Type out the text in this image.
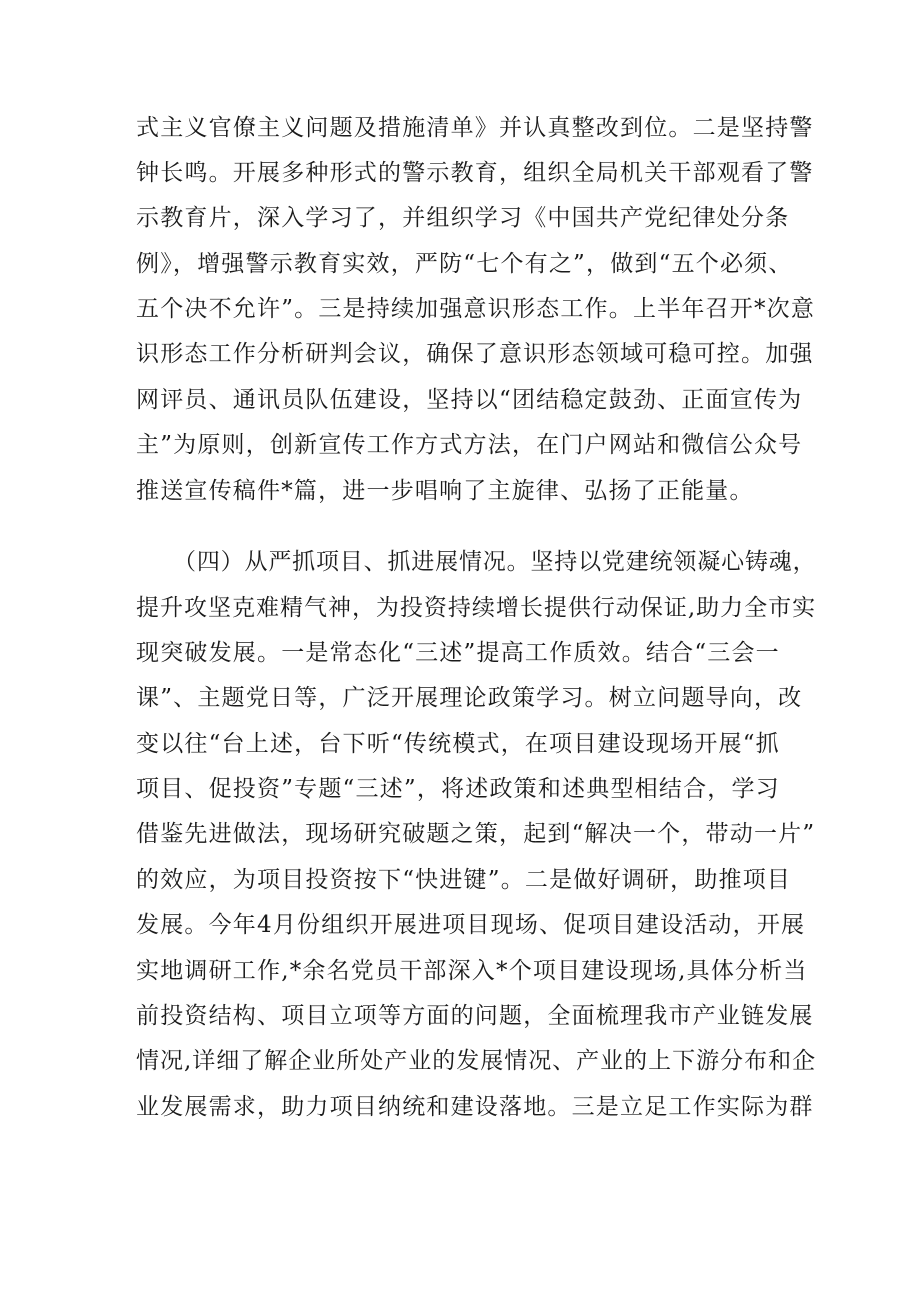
式主义官僚主义问题及措施清单》并认真整改到位。二是坚持警
钟长鸣。开展多种形式的警示教育，组织全局机关干部观看了警
示教育片，深入学习了，并组织学习《中国共产党纪律处分条
例》，增强警示教育实效，严防“七个有之”，做到“五个必须、
五个决不允许”。三是持续加强意识形态工作。上半年召开*次意
识形态工作分析研判会议，确保了意识形态领域可稳可控。加强
网评员、通讯员队伍建设，坚持以“团结稳定鼓劲、正面宣传为
主”为原则，创新宣传工作方式方法，在门户网站和微信公众号
推送宣传稿件*篇，进一步唱响了主旋律、弘扬了正能量。
（四）从严抓项目、抓进展情况。坚持以党建统领凝心铸魂，
提升攻坚克难精气神，为投资持续增长提供行动保证,助力全市实
现突破发展。一是常态化“三述”提高工作质效。结合“三会一
课”、主题党日等，广泛开展理论政策学习。树立问题导向，改
变以往“台上述，台下听“传统模式，在项目建设现场开展“抓
项目、促投资”专题“三述”，将述政策和述典型相结合，学习
借鉴先进做法，现场研究破题之策，起到“解决一个，带动一片”
的效应，为项目投资按下“快进键”。二是做好调研，助推项目
发展。今年4月份组织开展进项目现场、促项目建设活动，开展
实地调研工作,*余名党员干部深入*个项目建设现场,具体分析当
前投资结构、项目立项等方面的问题，全面梳理我市产业链发展
情况,详细了解企业所处产业的发展情况、产业的上下游分布和企
业发展需求，助力项目纳统和建设落地。三是立足工作实际为群
